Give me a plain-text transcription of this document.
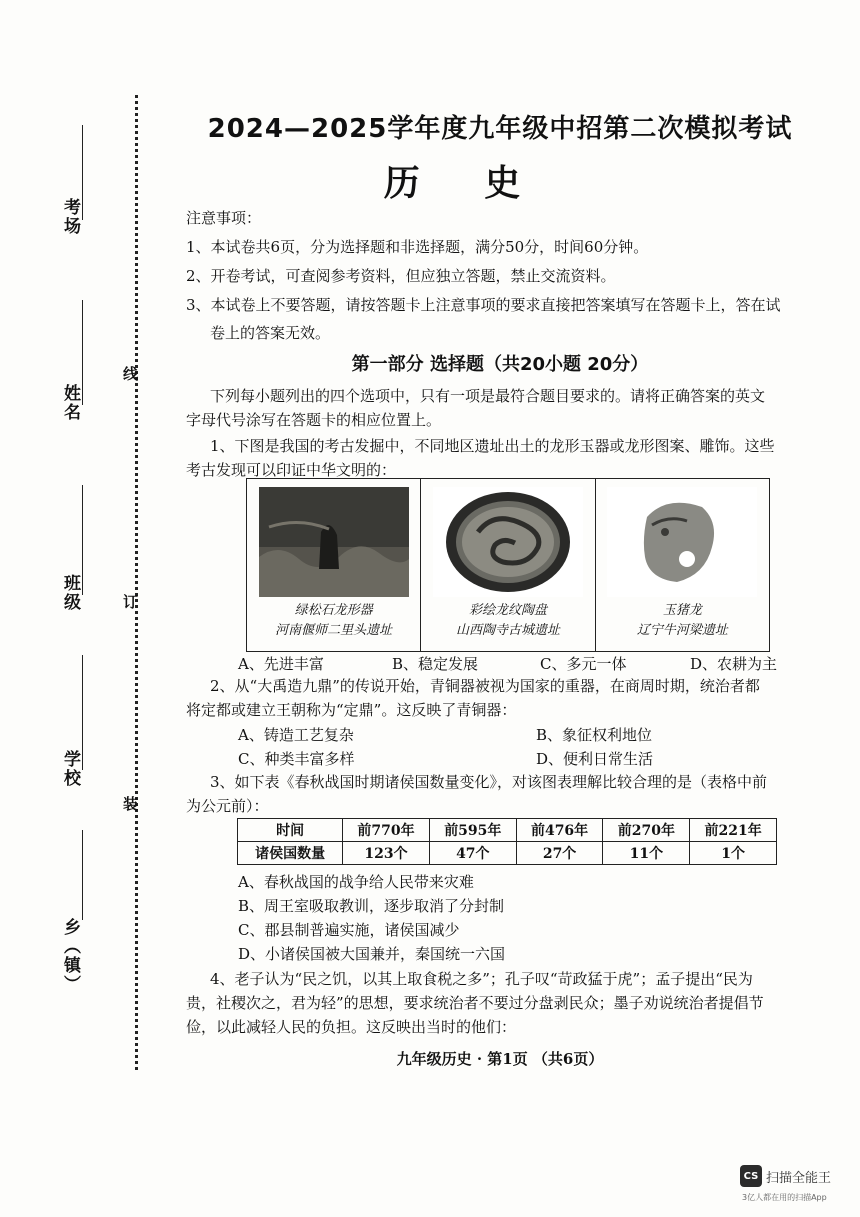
考场
姓名
班级
学校
乡（镇）
线
订
装
2024—2025学年度九年级中招第二次模拟考试
历 史
注意事项：
1、本试卷共6页，分为选择题和非选择题，满分50分，时间60分钟。
2、开卷考试，可查阅参考资料，但应独立答题，禁止交流资料。
3、本试卷上不要答题，请按答题卡上注意事项的要求直接把答案填写在答题卡上，答在试
卷上的答案无效。
第一部分 选择题（共20小题 20分）
下列每小题列出的四个选项中，只有一项是最符合题目要求的。请将正确答案的英文
字母代号涂写在答题卡的相应位置上。
1、下图是我国的考古发掘中，不同地区遗址出土的龙形玉器或龙形图案、雕饰。这些
考古发现可以印证中华文明的：
绿松石龙形器
河南偃师二里头遗址
彩绘龙纹陶盘
山西陶寺古城遗址
玉猪龙
辽宁牛河梁遗址
A、先进丰富	B、稳定发展	C、多元一体	D、农耕为主
2、从“大禹造九鼎”的传说开始，青铜器被视为国家的重器，在商周时期，统治者都
将定都或建立王朝称为“定鼎”。这反映了青铜器：
A、铸造工艺复杂	B、象征权利地位
C、种类丰富多样	D、便利日常生活
3、如下表《春秋战国时期诸侯国数量变化》，对该图表理解比较合理的是（表格中前
为公元前）：
时间	前770年	前595年	前476年	前270年	前221年
诸侯国数量	123个	47个	27个	11个	1个
A、春秋战国的战争给人民带来灾难
B、周王室吸取教训，逐步取消了分封制
C、郡县制普遍实施，诸侯国减少
D、小诸侯国被大国兼并，秦国统一六国
4、老子认为“民之饥，以其上取食税之多”；孔子叹“苛政猛于虎”；孟子提出“民为
贵，社稷次之，君为轻”的思想，要求统治者不要过分盘剥民众；墨子劝说统治者提倡节
俭，以此减轻人民的负担。这反映出当时的他们：
九年级历史 · 第1页 （共6页）
CS 扫描全能王
3亿人都在用的扫描App
